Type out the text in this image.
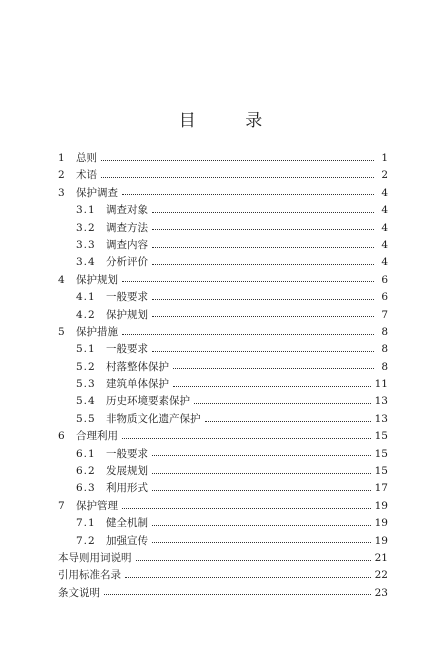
目 录
1	总则	1
2	术语	2
3	保护调查	4
3.1 调查对象	4
3.2 调查方法	4
3.3 调查内容	4
3.4 分析评价	4
4	保护规划	6
4.1 一般要求	6
4.2 保护规划	7
5	保护措施	8
5.1 一般要求	8
5.2 村落整体保护	8
5.3 建筑单体保护	11
5.4 历史环境要素保护	13
5.5 非物质文化遗产保护	13
6	合理利用	15
6.1 一般要求	15
6.2 发展规划	15
6.3 利用形式	17
7	保护管理	19
7.1 健全机制	19
7.2 加强宣传	19
本导则用词说明	21
引用标准名录	22
条文说明	23
